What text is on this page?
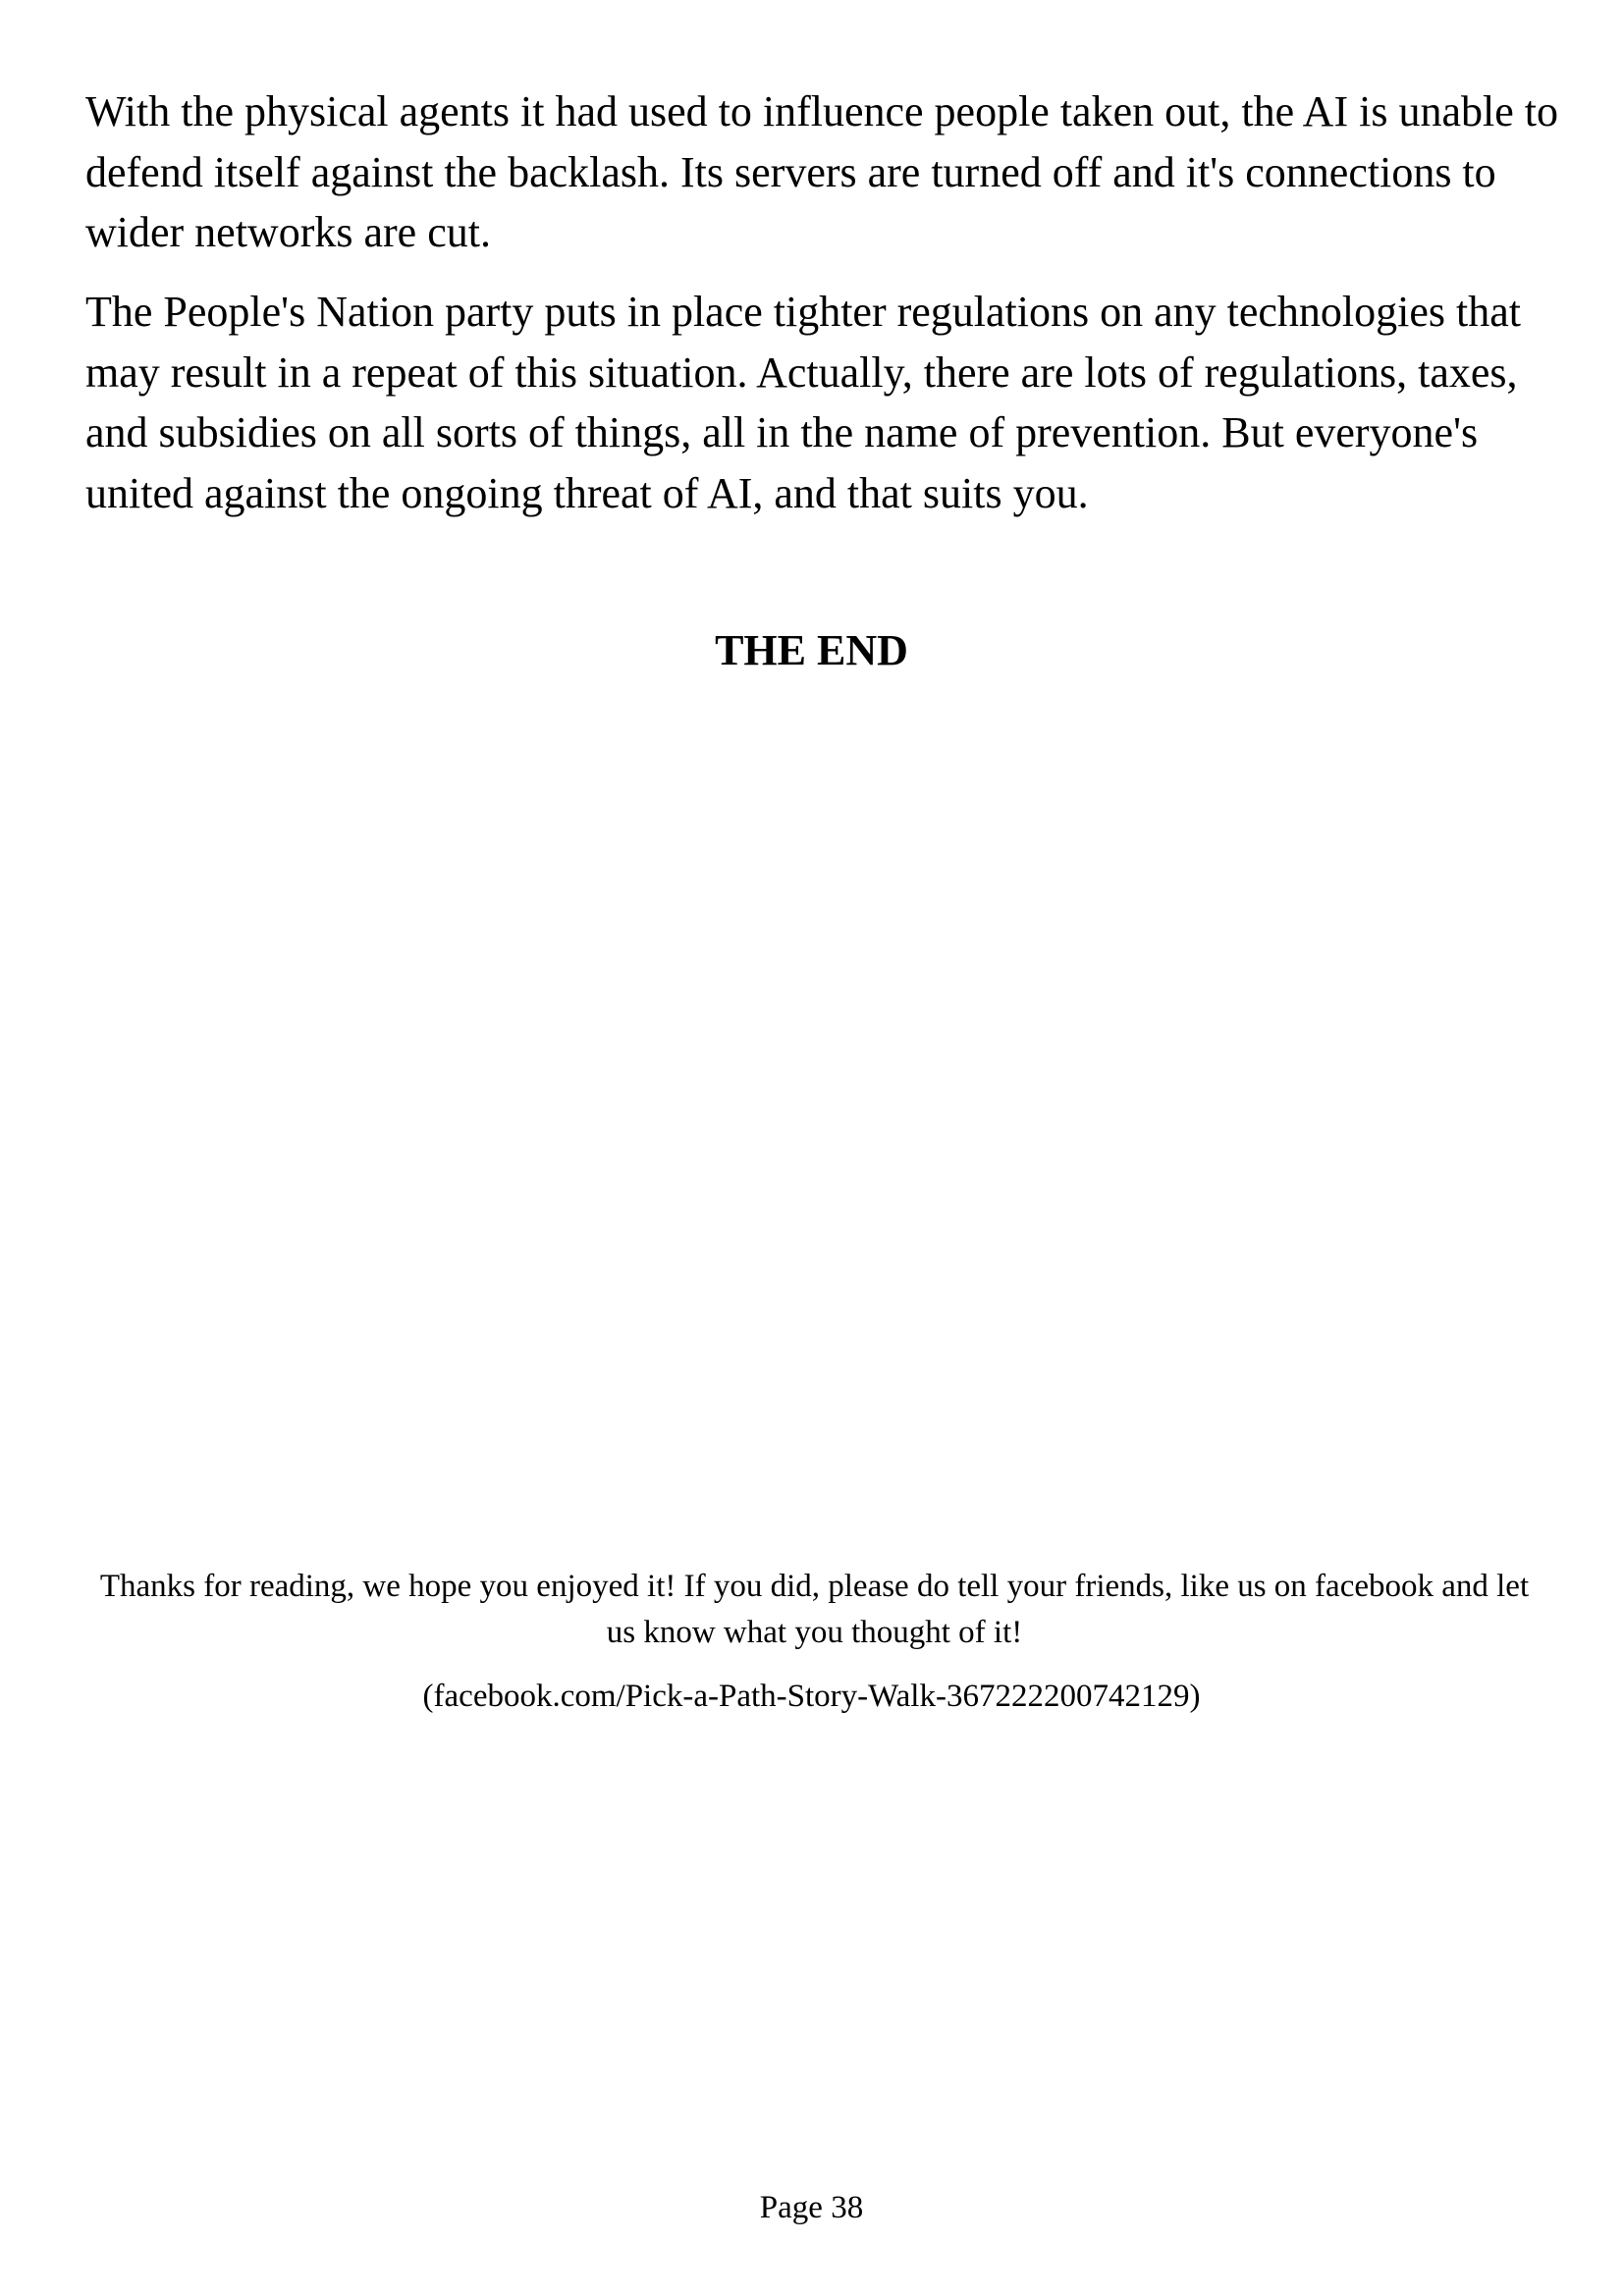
With the physical agents it had used to influence people taken out, the AI is unable to defend itself against the backlash. Its servers are turned off and it's connections to wider networks are cut.

The People's Nation party puts in place tighter regulations on any technologies that may result in a repeat of this situation. Actually, there are lots of regulations, taxes, and subsidies on all sorts of things, all in the name of prevention. But everyone's united against the ongoing threat of AI, and that suits you.

THE END

Thanks for reading, we hope you enjoyed it! If you did, please do tell your friends, like us on facebook and let us know what you thought of it!

(facebook.com/Pick-a-Path-Story-Walk-367222200742129)

Page 38
